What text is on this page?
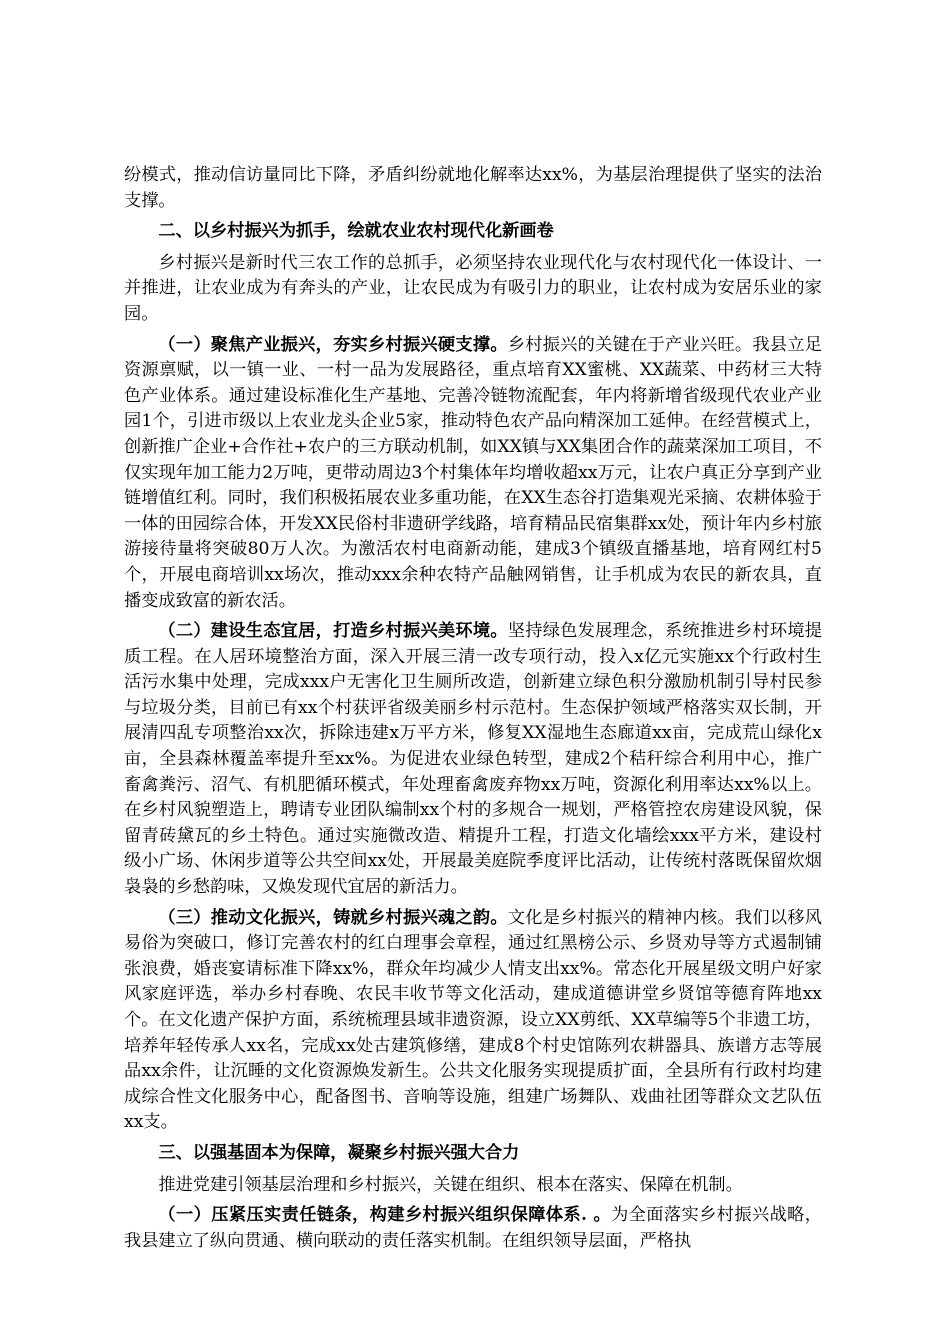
纷模式，推动信访量同比下降，矛盾纠纷就地化解率达xx%，为基层治理提供了坚实的法治支撑。

二、以乡村振兴为抓手，绘就农业农村现代化新画卷

乡村振兴是新时代三农工作的总抓手，必须坚持农业现代化与农村现代化一体设计、一并推进，让农业成为有奔头的产业，让农民成为有吸引力的职业，让农村成为安居乐业的家园。

（一）聚焦产业振兴，夯实乡村振兴硬支撑。乡村振兴的关键在于产业兴旺。我县立足资源禀赋，以一镇一业、一村一品为发展路径，重点培育XX蜜桃、XX蔬菜、中药材三大特色产业体系。通过建设标准化生产基地、完善冷链物流配套，年内将新增省级现代农业产业园1个，引进市级以上农业龙头企业5家，推动特色农产品向精深加工延伸。在经营模式上，创新推广企业+合作社+农户的三方联动机制，如XX镇与XX集团合作的蔬菜深加工项目，不仅实现年加工能力2万吨，更带动周边3个村集体年均增收超xx万元，让农户真正分享到产业链增值红利。同时，我们积极拓展农业多重功能，在XX生态谷打造集观光采摘、农耕体验于一体的田园综合体，开发XX民俗村非遗研学线路，培育精品民宿集群xx处，预计年内乡村旅游接待量将突破80万人次。为激活农村电商新动能，建成3个镇级直播基地，培育网红村5个，开展电商培训xx场次，推动xxx余种农特产品触网销售，让手机成为农民的新农具，直播变成致富的新农活。

（二）建设生态宜居，打造乡村振兴美环境。坚持绿色发展理念，系统推进乡村环境提质工程。在人居环境整治方面，深入开展三清一改专项行动，投入x亿元实施xx个行政村生活污水集中处理，完成xxx户无害化卫生厕所改造，创新建立绿色积分激励机制引导村民参与垃圾分类，目前已有xx个村获评省级美丽乡村示范村。生态保护领域严格落实双长制，开展清四乱专项整治xx次，拆除违建x万平方米，修复XX湿地生态廊道xx亩，完成荒山绿化x亩，全县森林覆盖率提升至xx%。为促进农业绿色转型，建成2个秸秆综合利用中心，推广畜禽粪污、沼气、有机肥循环模式，年处理畜禽废弃物xx万吨，资源化利用率达xx%以上。在乡村风貌塑造上，聘请专业团队编制xx个村的多规合一规划，严格管控农房建设风貌，保留青砖黛瓦的乡土特色。通过实施微改造、精提升工程，打造文化墙绘xxx平方米，建设村级小广场、休闲步道等公共空间xx处，开展最美庭院季度评比活动，让传统村落既保留炊烟袅袅的乡愁韵味，又焕发现代宜居的新活力。

（三）推动文化振兴，铸就乡村振兴魂之韵。文化是乡村振兴的精神内核。我们以移风易俗为突破口，修订完善农村的红白理事会章程，通过红黑榜公示、乡贤劝导等方式遏制铺张浪费，婚丧宴请标准下降xx%，群众年均减少人情支出xx%。常态化开展星级文明户好家风家庭评选，举办乡村春晚、农民丰收节等文化活动，建成道德讲堂乡贤馆等德育阵地xx个。在文化遗产保护方面，系统梳理县域非遗资源，设立XX剪纸、XX草编等5个非遗工坊，培养年轻传承人xx名，完成xx处古建筑修缮，建成8个村史馆陈列农耕器具、族谱方志等展品xx余件，让沉睡的文化资源焕发新生。公共文化服务实现提质扩面，全县所有行政村均建成综合性文化服务中心，配备图书、音响等设施，组建广场舞队、戏曲社团等群众文艺队伍xx支。

三、以强基固本为保障，凝聚乡村振兴强大合力

推进党建引领基层治理和乡村振兴，关键在组织、根本在落实、保障在机制。

（一）压紧压实责任链条，构建乡村振兴组织保障体系. 。为全面落实乡村振兴战略，我县建立了纵向贯通、横向联动的责任落实机制。在组织领导层面，严格执
